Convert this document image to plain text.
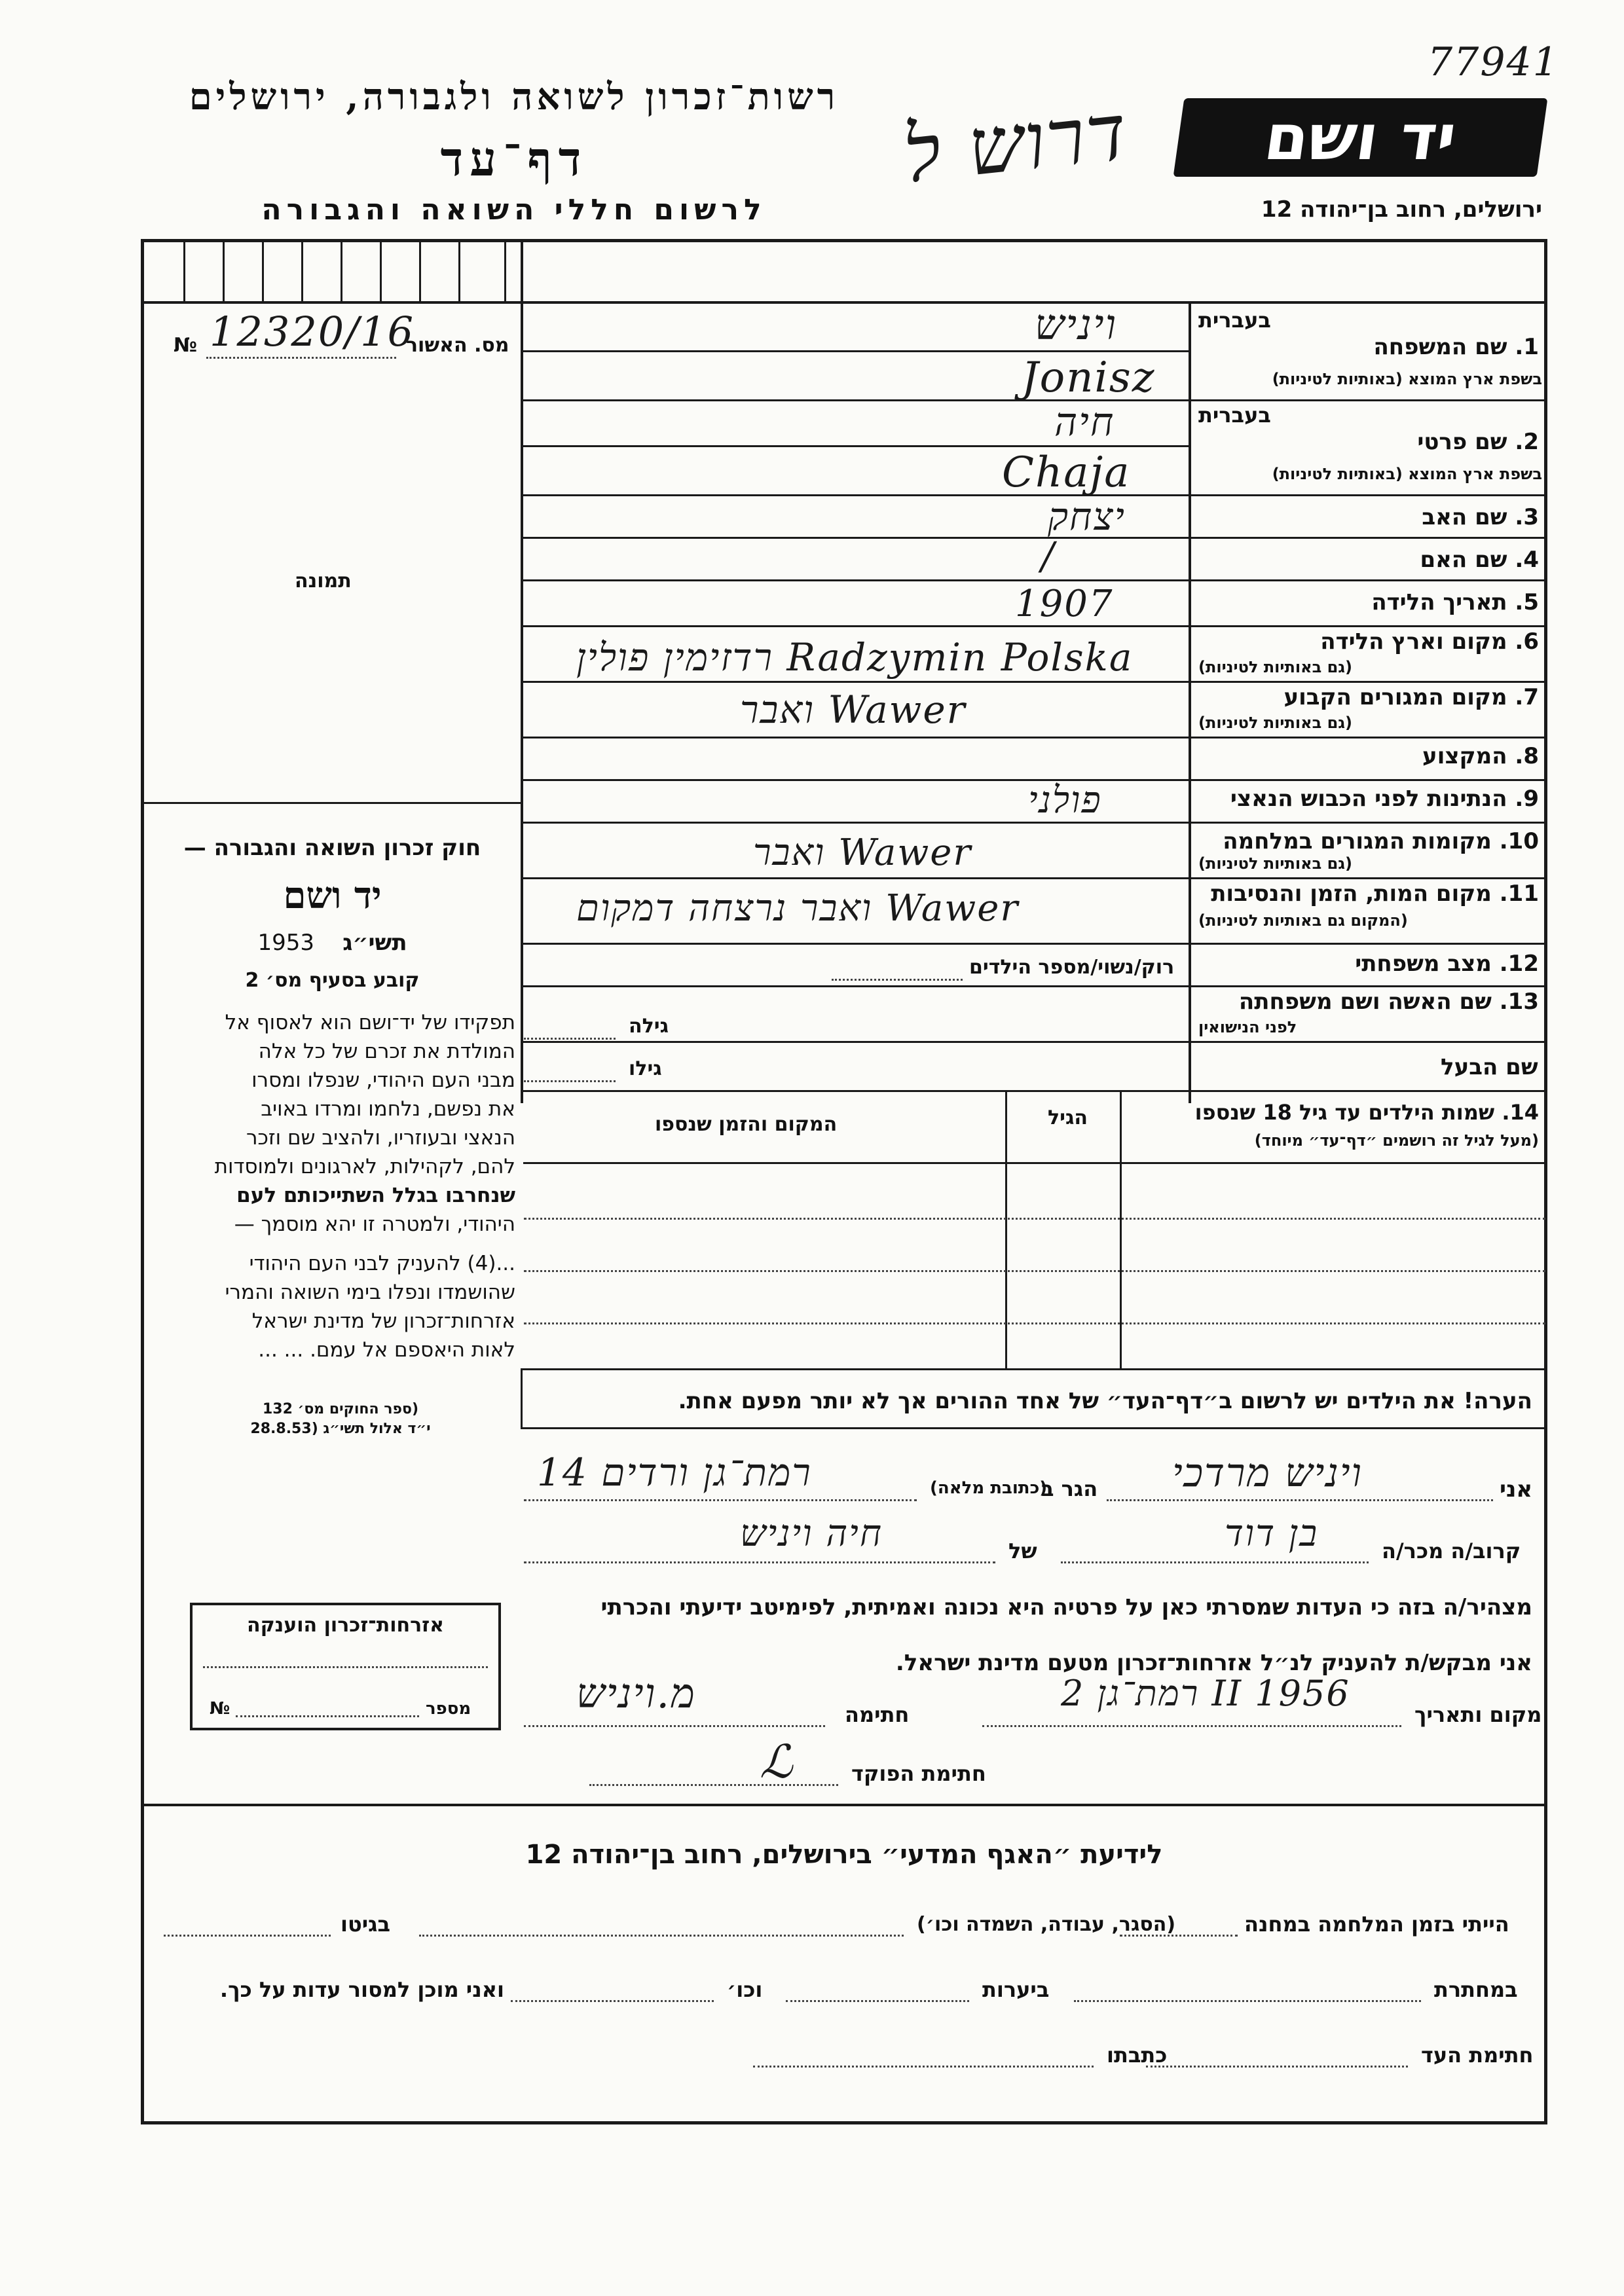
77941
רשות־זכרון לשואה ולגבורה, ירושלים
דף־עד
לרשום חללי השואה והגבורה
דרוש ל יד ושם
ירושלים, רחוב בן־יהודה 12
מס. האשור
№ 12320/16
תמונה
חוק זכרון השואה והגבורה —
יד ושם
1953 תשי״ג
קובע בסעיף מס׳ 2
תפקידו של יד־ושם הוא לאסוף אל
המולדת את זכרם של כל אלה
מבני העם היהודי, שנפלו ומסרו
את נפשם, נלחמו ומרדו באויב
הנאצי ובעוזריו, ולהציב שם וזכר
להם, לקהילות, לארגונים ולמוסדות
שנחרבו בגלל השתייכותם לעם
היהודי, ולמטרה זו יהא מוסמך —
...(4) להעניק לבני העם היהודי
שהושמדו ונפלו בימי השואה והמרי
אזרחות־זכרון של מדינת ישראל
לאות היאספם אל עמם. ... ...
(ספר החוקים מס׳ 132
י״ד אלול תשי״ג (28.8.53
בעברית
1. שם המשפחה
בשפת ארץ המוצא (באותיות לטיניות)
ויניש
Jonisz
בעברית
2. שם פרטי
בשפת ארץ המוצא (באותיות לטיניות)
חיה
Chaja
3. שם האב
יצחק
4. שם האם
/
5. תאריך הלידה
1907
6. מקום וארץ הלידה
(גם באותיות לטיניות)
רדזימין פולין Radzymin Polska
7. מקום המגורים הקבוע
(גם באותיות לטיניות)
ואבר Wawer
8. המקצוע
9. הנתינות לפני הכבוש הנאצי
פולני
10. מקומות המגורים במלחמה
(גם באותיות לטיניות)
ואבר Wawer
11. מקום המות, הזמן והנסיבות
(המקום גם באותיות לטיניות)
ואבר נרצחה דמקום Wawer
12. מצב משפחתי
רוק/נשוי/מספר הילדים
13. שם האשה ושם משפחתה
לפני הנישואין
גילה
שם הבעל
גילו
14. שמות הילדים עד גיל 18 שנספו
(מעל לגיל זה רושמים ״דף־עד״ מיוחד)
הגיל
המקום והזמן שנספו
הערה! את הילדים יש לרשום ב״דף־העד״ של אחד ההורים אך לא יותר מפעם אחת.
אני
ויניש מרדכי
הגר ב
(כתובת מלאה)
רמת־גן ורדים 14
קרוב/ה מכר/ה
בן דוד
של
חיה ויניש
מצהיר/ה בזה כי העדות שמסרתי כאן על פרטיה היא נכונה ואמיתית, לפימיטב ידיעתי והכרתי
אני מבקש/ת להעניק לנ״ל אזרחות־זכרון מטעם מדינת ישראל.
מקום ותאריך
רמת־גן 2 II 1956
חתימה
מ.ויניש
חתימת הפוקד
ℒ
אזרחות־זכרון הוענקה
№	מספר
לידיעת ״האגף המדעי״ בירושלים, רחוב בן־יהודה 12
הייתי בזמן המלחמה במחנה
(הסגר, עבודה, השמדה וכו׳)
בגיטו
במחתרת
ביערות
וכו׳
ואני מוכן למסור עדות על כך.
חתימת העד
כתבתו
